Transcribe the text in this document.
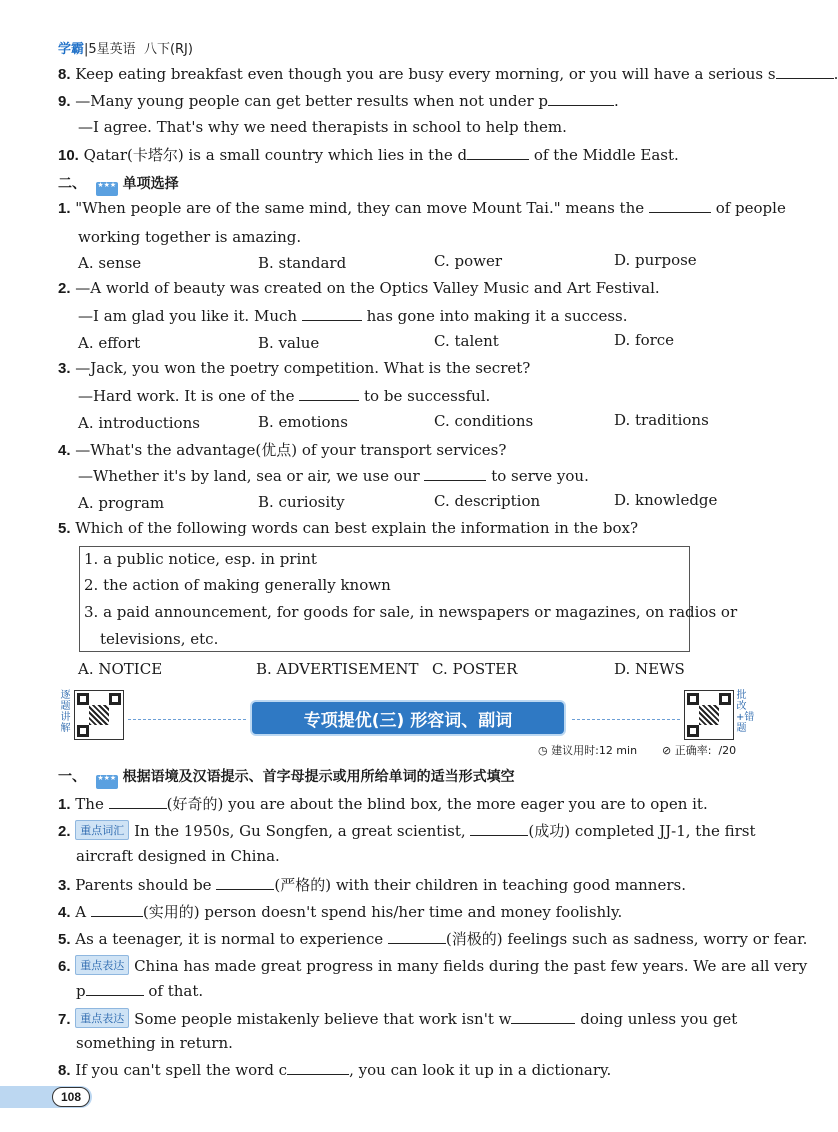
学霸|5星英语 八下(RJ)
8. Keep eating breakfast even though you are busy every morning, or you will have a serious s	.
9. —Many young people can get better results when not under p	.
—I agree. That's why we need therapists in school to help them.
10. Qatar(卡塔尔) is a small country which lies in the d	of the Middle East.
二、 ★★★ 单项选择
1. "When people are of the same mind, they can move Mount Tai." means the	of people
working together is amazing.
A. sense	B. standard	C. power	D. purpose
2. —A world of beauty was created on the Optics Valley Music and Art Festival.
—I am glad you like it. Much	has gone into making it a success.
A. effort	B. value	C. talent	D. force
3. —Jack, you won the poetry competition. What is the secret?
—Hard work. It is one of the	to be successful.
A. introductions	B. emotions	C. conditions	D. traditions
4. —What's the advantage(优点) of your transport services?
—Whether it's by land, sea or air, we use our	to serve you.
A. program	B. curiosity	C. description	D. knowledge
5. Which of the following words can best explain the information in the box?
1. a public notice, esp. in print
2. the action of making generally known
3. a paid announcement, for goods for sale, in newspapers or magazines, on radios or
televisions, etc.
A. NOTICE	B. ADVERTISEMENT C. POSTER	D. NEWS
逐题讲解	专项提优(三) 形容词、副词
批改+错题
◷ 建议用时:12 min ⊘ 正确率: /20
一、 ★★★ 根据语境及汉语提示、首字母提示或用所给单词的适当形式填空
1. The	(好奇的) you are about the blind box, the more eager you are to open it.
2. 重点词汇 In the 1950s, Gu Songfen, a great scientist,	(成功) completed JJ-1, the first
aircraft designed in China.
3. Parents should be	(严格的) with their children in teaching good manners.
4. A	(实用的) person doesn't spend his/her time and money foolishly.
5. As a teenager, it is normal to experience	(消极的) feelings such as sadness, worry or fear.
6. 重点表达 China has made great progress in many fields during the past few years. We are all very
p	of that.
7. 重点表达 Some people mistakenly believe that work isn't w	doing unless you get
something in return.
8. If you can't spell the word c	, you can look it up in a dictionary.
108
